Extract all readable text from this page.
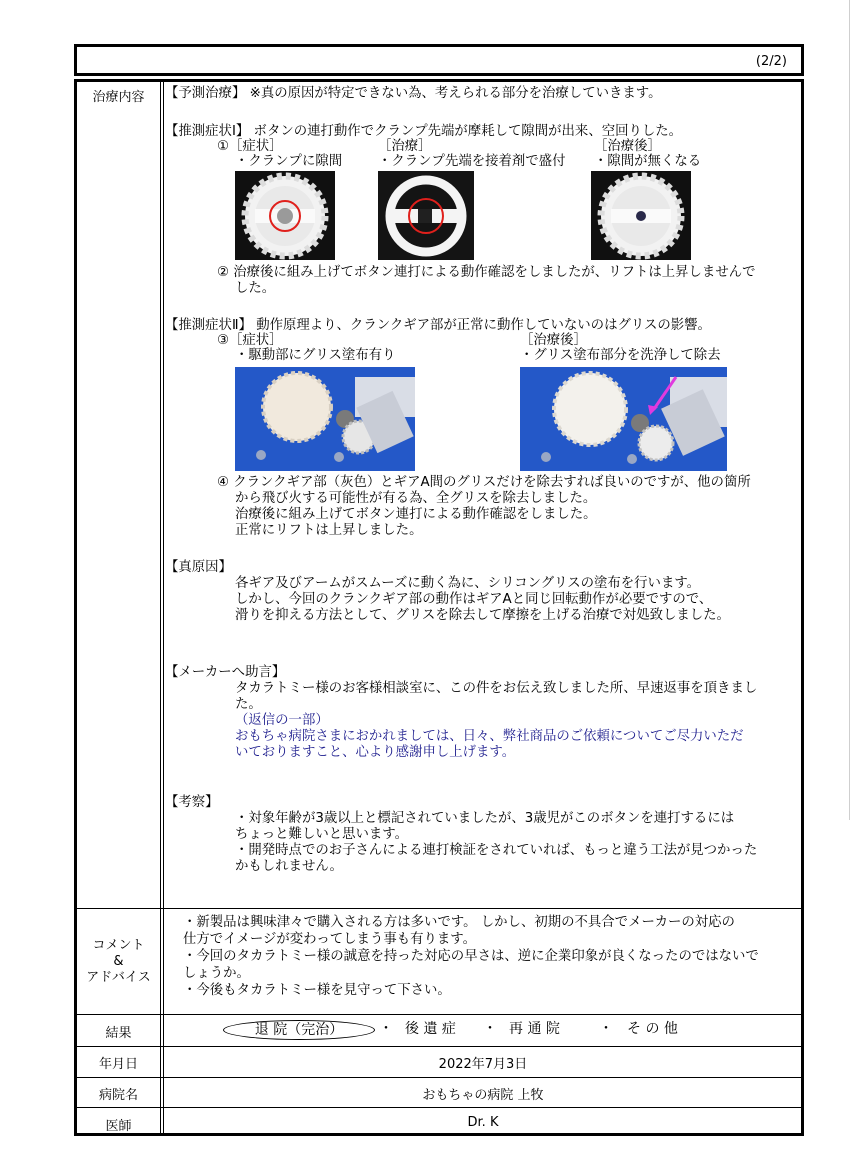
(2/2)
治療内容
コメント
&
アドバイス
結果
年月日
病院名
医師
【予測治療】 ※真の原因が特定できない為、考えられる部分を治療していきます。
【推測症状Ⅰ】 ボタンの連打動作でクランプ先端が摩耗して隙間が出来、空回りした。
①［症状］
・クランプに隙間
［治療］
・クランプ先端を接着剤で盛付
［治療後］
・隙間が無くなる
② 治療後に組み上げてボタン連打による動作確認をしましたが、リフトは上昇しませんで
した。
【推測症状Ⅱ】 動作原理より、クランクギア部が正常に動作していないのはグリスの影響。
③［症状］
・駆動部にグリス塗布有り
［治療後］
・グリス塗布部分を洗浄して除去
④ クランクギア部（灰色）とギアA間のグリスだけを除去すれば良いのですが、他の箇所
から飛び火する可能性が有る為、全グリスを除去しました。
治療後に組み上げてボタン連打による動作確認をしました。
正常にリフトは上昇しました。
【真原因】
各ギア及びアームがスムーズに動く為に、シリコングリスの塗布を行います。
しかし、今回のクランクギア部の動作はギアAと同じ回転動作が必要ですので、
滑りを抑える方法として、グリスを除去して摩擦を上げる治療で対処致しました。
【メーカーへ助言】
タカラトミー様のお客様相談室に、この件をお伝え致しました所、早速返事を頂きまし
た。
（返信の一部）
おもちゃ病院さまにおかれましては、日々、弊社商品のご依頼についてご尽力いただ
いておりますこと、心より感謝申し上げます。
【考察】
・対象年齢が3歳以上と標記されていましたが、3歳児がこのボタンを連打するには
ちょっと難しいと思います。
・開発時点でのお子さんによる連打検証をされていれば、もっと違う工法が見つかった
かもしれません。
・新製品は興味津々で購入される方は多いです。 しかし、初期の不具合でメーカーの対応の
仕方でイメージが変わってしまう事も有ります。
・今回のタカラトミー様の誠意を持った対応の早さは、逆に企業印象が良くなったのではないで
しょうか。
・今後もタカラトミー様を見守って下さい。
退 院（完治）	・ 後 遺 症 ・ 再 通 院	・ そ の 他
2022年7月3日
おもちゃの病院 上牧
Dr. K
